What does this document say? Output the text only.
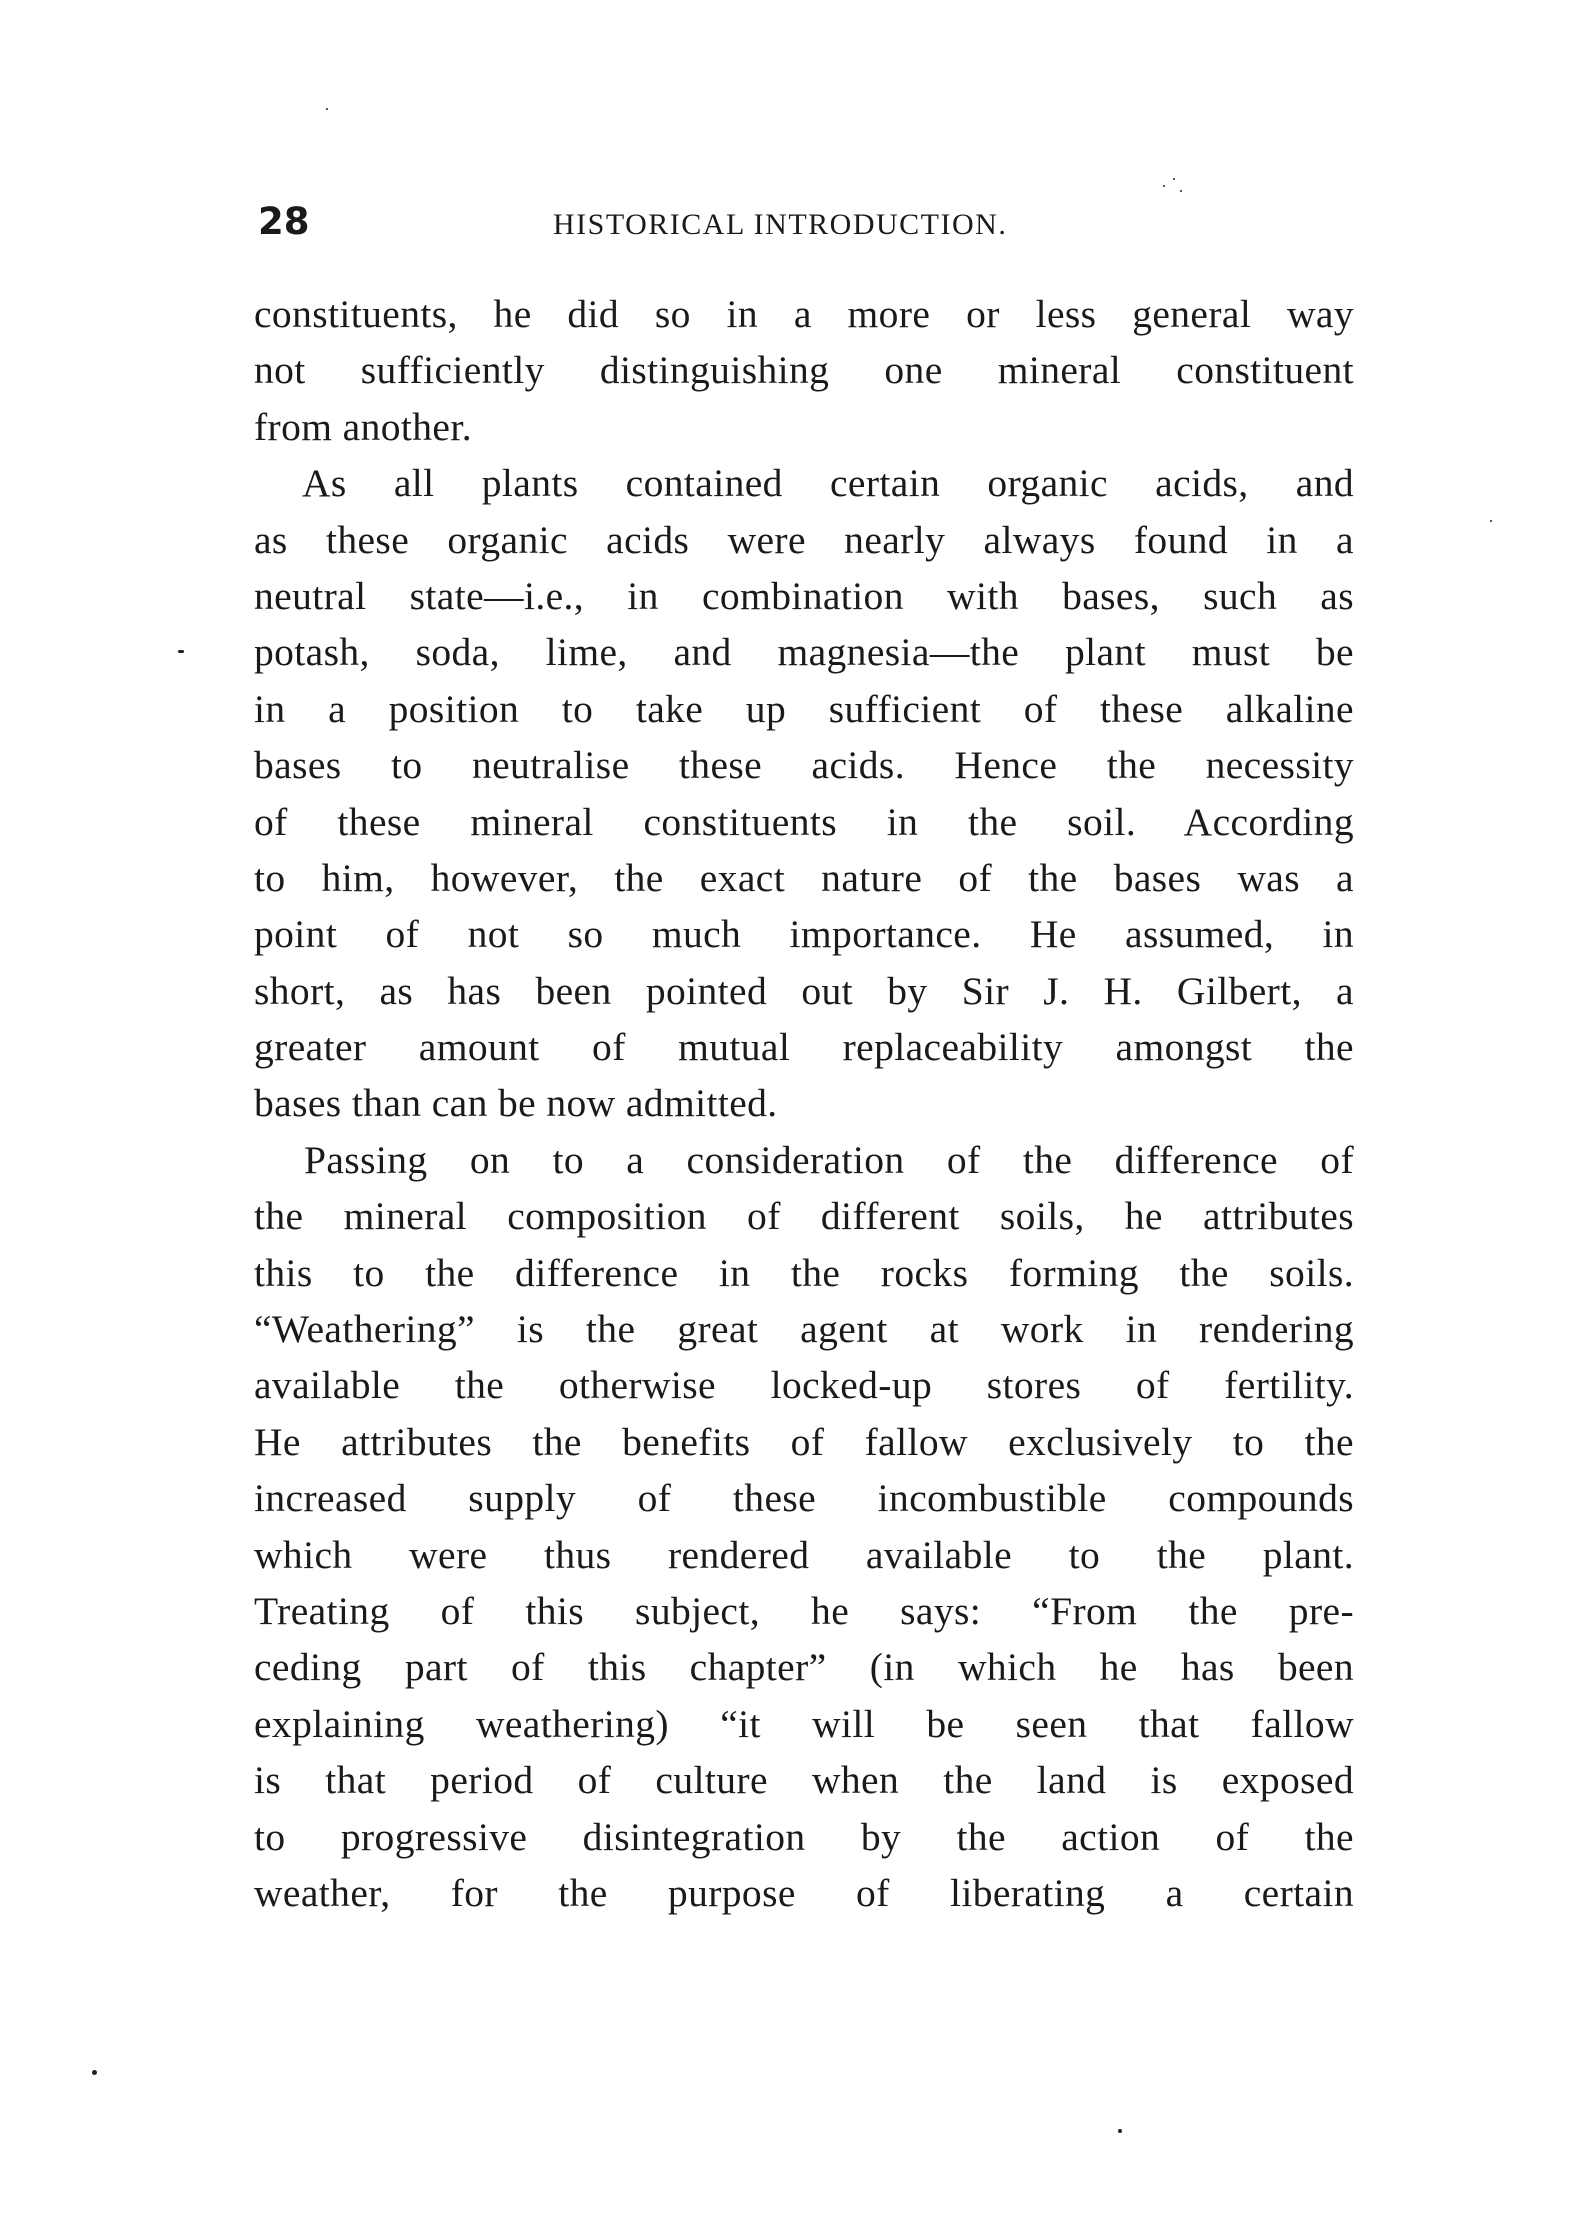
28	HISTORICAL INTRODUCTION.
constituents, he did so in a more or less general way
not sufficiently distinguishing one mineral constituent
from another.
As all plants contained certain organic acids, and
as these organic acids were nearly always found in a
neutral state—i.e., in combination with bases, such as
potash, soda, lime, and magnesia—the plant must be
in a position to take up sufficient of these alkaline
bases to neutralise these acids. Hence the necessity
of these mineral constituents in the soil. According
to him, however, the exact nature of the bases was a
point of not so much importance. He assumed, in
short, as has been pointed out by Sir J. H. Gilbert, a
greater amount of mutual replaceability amongst the
bases than can be now admitted.
Passing on to a consideration of the difference of
the mineral composition of different soils, he attributes
this to the difference in the rocks forming the soils.
“Weathering” is the great agent at work in rendering
available the otherwise locked-up stores of fertility.
He attributes the benefits of fallow exclusively to the
increased supply of these incombustible compounds
which were thus rendered available to the plant.
Treating of this subject, he says: “From the pre-
ceding part of this chapter” (in which he has been
explaining weathering) “it will be seen that fallow
is that period of culture when the land is exposed
to progressive disintegration by the action of the
weather, for the purpose of liberating a certain
